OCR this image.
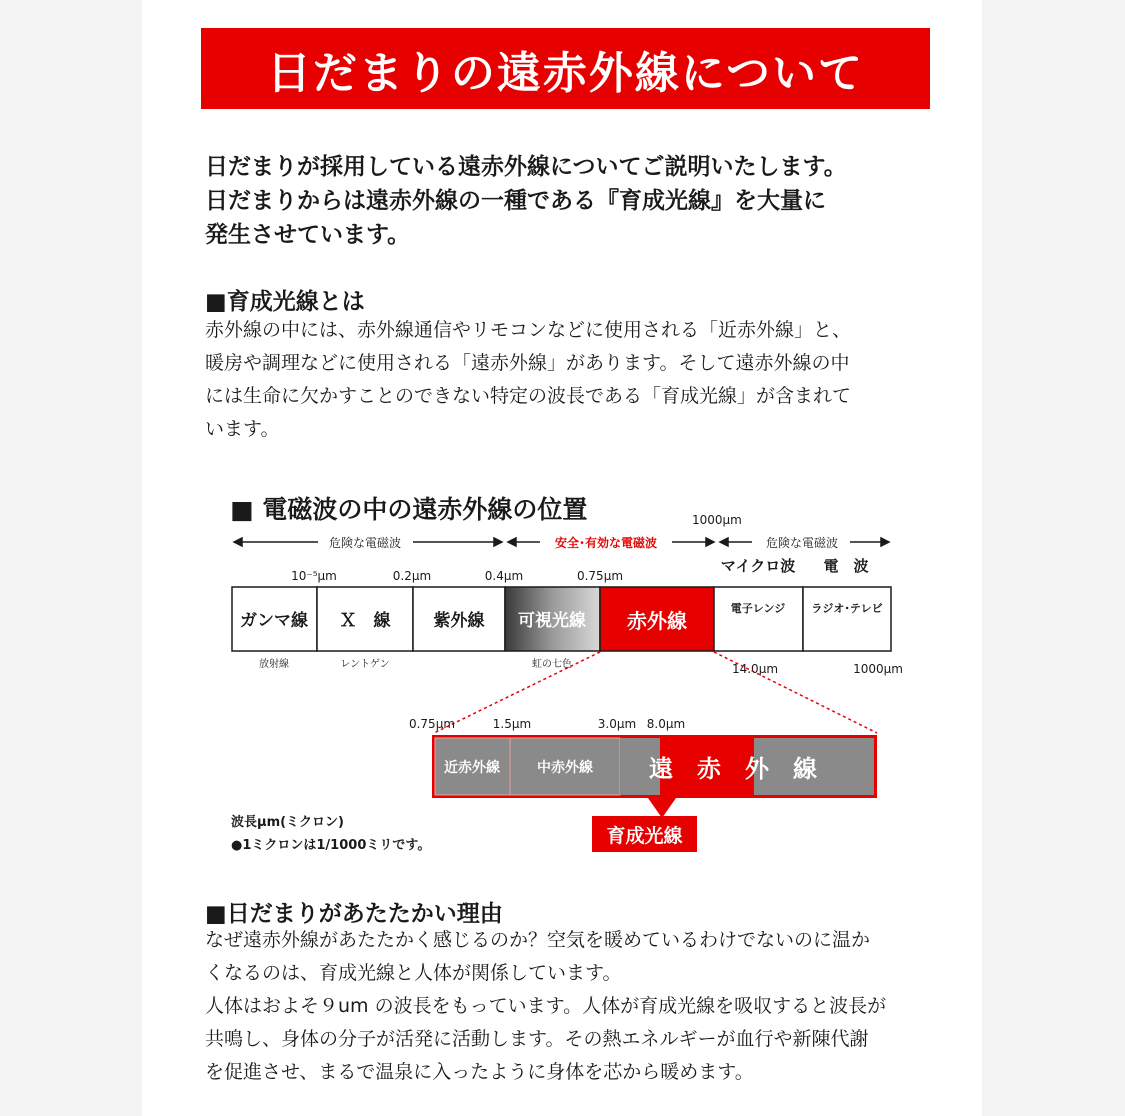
日だまりの遠赤外線について
日だまりが採用している遠赤外線についてご説明いたします。
日だまりからは遠赤外線の一種である『育成光線』を大量に
発生させています。
■育成光線とは
赤外線の中には、赤外線通信やリモコンなどに使用される「近赤外線」と、
暖房や調理などに使用される「遠赤外線」があります。そして遠赤外線の中
には生命に欠かすことのできない特定の波長である「育成光線」が含まれて
います。
■ 電磁波の中の遠赤外線の位置	1000μm
危険な電磁波	安全･有効な電磁波	危険な電磁波
マイクロ波 電　波
10⁻⁵μm	0.2μm	0.4μm	0.75μm
ガンマ線 Ｘ　線	紫外線 可視光線 赤外線
電子レンジ ラジオ･テレビ
放射線	レントゲン	虹の七色	14.0μm	1000μm
0.75μm	1.5μm	3.0μm 8.0μm
近赤外線	中赤外線 遠　赤　外　線
育成光線
波長μm(ミクロン)
●1ミクロンは1/1000ミリです。
■日だまりがあたたかい理由
なぜ遠赤外線があたたかく感じるのか？空気を暖めているわけでないのに温か
くなるのは、育成光線と人体が関係しています。
人体はおよそ９um の波長をもっています。人体が育成光線を吸収すると波長が
共鳴し、身体の分子が活発に活動します。その熱エネルギーが血行や新陳代謝
を促進させ、まるで温泉に入ったように身体を芯から暖めます。
